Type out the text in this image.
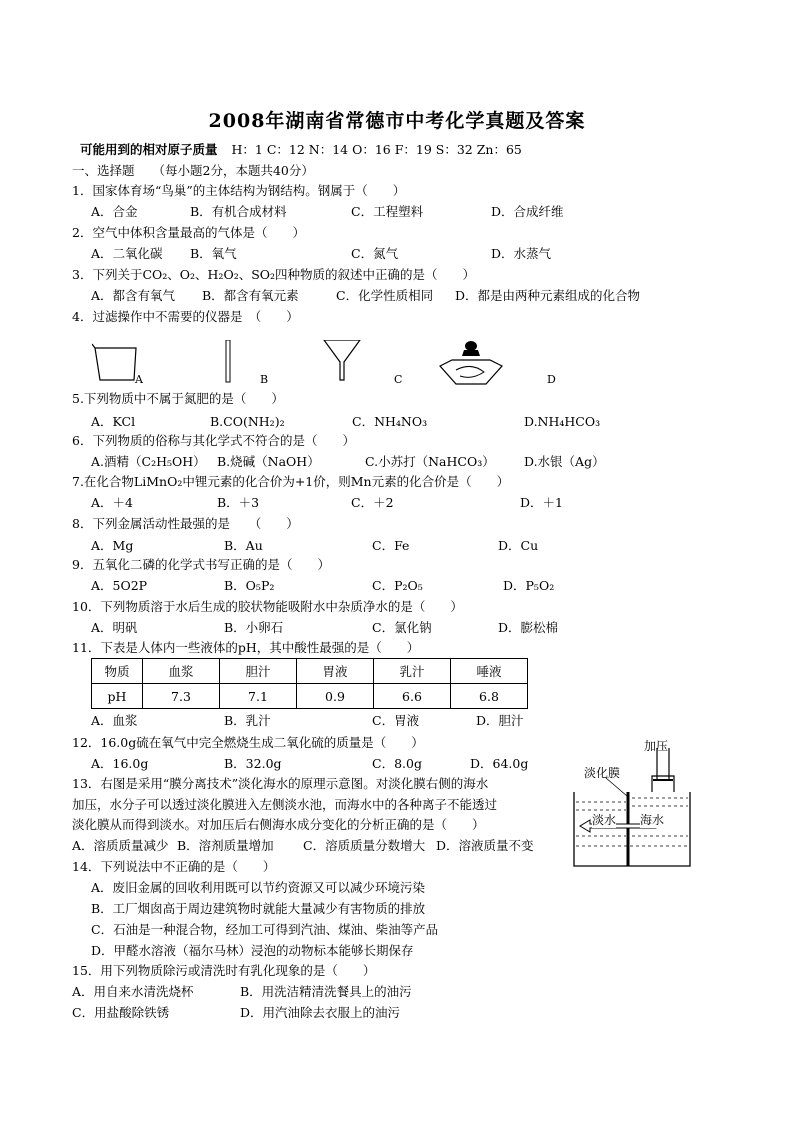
2008年湖南省常德市中考化学真题及答案
可能用到的相对原子质量 H：1 C：12 N：14 O：16 F：19 S：32 Zn：65
一、选择题 （每小题2分，本题共40分）
1．国家体育场“鸟巢”的主体结构为钢结构。钢属于（　　）
A．合金	B．有机合成材料	C．工程塑料	D．合成纤维
2．空气中体积含量最高的气体是（　　）
A．二氧化碳 B．氧气	C．氮气	D．水蒸气
3．下列关于CO₂、O₂、H₂O₂、SO₂四种物质的叙述中正确的是（　　）
A．都含有氧气 B．都含有氧元素	C．化学性质相同 D．都是由两种元素组成的化合物
4．过滤操作中不需要的仪器是　（　　）
A	B	C	D
5.下列物质中不属于氮肥的是（　　）
A．KCl	B.CO(NH₂)₂	C．NH₄NO₃	D.NH₄HCO₃
6．下列物质的俗称与其化学式不符合的是（　　）
A.酒精（C₂H₅OH） B.烧碱（NaOH）	C.小苏打（NaHCO₃） D.水银（Ag）
7.在化合物LiMnO₂中锂元素的化合价为+1价，则Mn元素的化合价是（　　）
A．＋4	B．＋3	C．＋2	D．＋1
8．下列金属活动性最强的是　　（　　）
A．Mg	B．Au	C．Fe	D．Cu
9．五氧化二磷的化学式书写正确的是（　　）
A．5O2P	B．O₅P₂	C．P₂O₅	D．P₅O₂
10．下列物质溶于水后生成的胶状物能吸附水中杂质净水的是（　　）
A．明矾	B．小卵石	C．氯化钠	D．膨松棉
11．下表是人体内一些液体的pH，其中酸性最强的是（　　）
物质	血浆	胆汁	胃液	乳汁	唾液
pH	7.3	7.1	0.9	6.6	6.8
A．血浆	B．乳汁	C．胃液	D．胆汁
12．16.0g硫在氧气中完全燃烧生成二氧化硫的质量是（　　）
A．16.0g	B．32.0g	C．8.0g	D．64.0g
13．右图是采用“膜分离技术”淡化海水的原理示意图。对淡化膜右侧的海水
加压，水分子可以透过淡化膜进入左侧淡水池，而海水中的各种离子不能透过
淡化膜从而得到淡水。对加压后右侧海水成分变化的分析正确的是（　　）
A．溶质质量减少 B．溶剂质量增加 C．溶质质量分数增大 D．溶液质量不变
加压
淡化膜
淡水 海水
14．下列说法中不正确的是（　　）
A．废旧金属的回收利用既可以节约资源又可以减少环境污染
B．工厂烟囱高于周边建筑物时就能大量减少有害物质的排放
C．石油是一种混合物，经加工可得到汽油、煤油、柴油等产品
D．甲醛水溶液（福尔马林）浸泡的动物标本能够长期保存
15．用下列物质除污或清洗时有乳化现象的是（　　）
A．用自来水清洗烧杯	B．用洗洁精清洗餐具上的油污
C．用盐酸除铁锈	D．用汽油除去衣服上的油污
